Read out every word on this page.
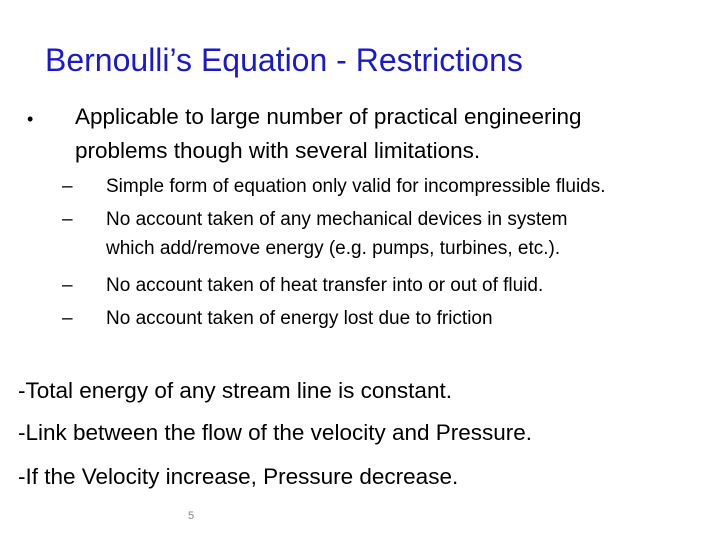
Bernoulli’s Equation - Restrictions
• Applicable to large number of practical engineering
problems though with several limitations.
– Simple form of equation only valid for incompressible fluids.
– No account taken of any mechanical devices in system
which add/remove energy (e.g. pumps, turbines, etc.).
– No account taken of heat transfer into or out of fluid.
– No account taken of energy lost due to friction
-Total energy of any stream line is constant.
-Link between the flow of the velocity and Pressure.
-If the Velocity increase, Pressure decrease.
5
